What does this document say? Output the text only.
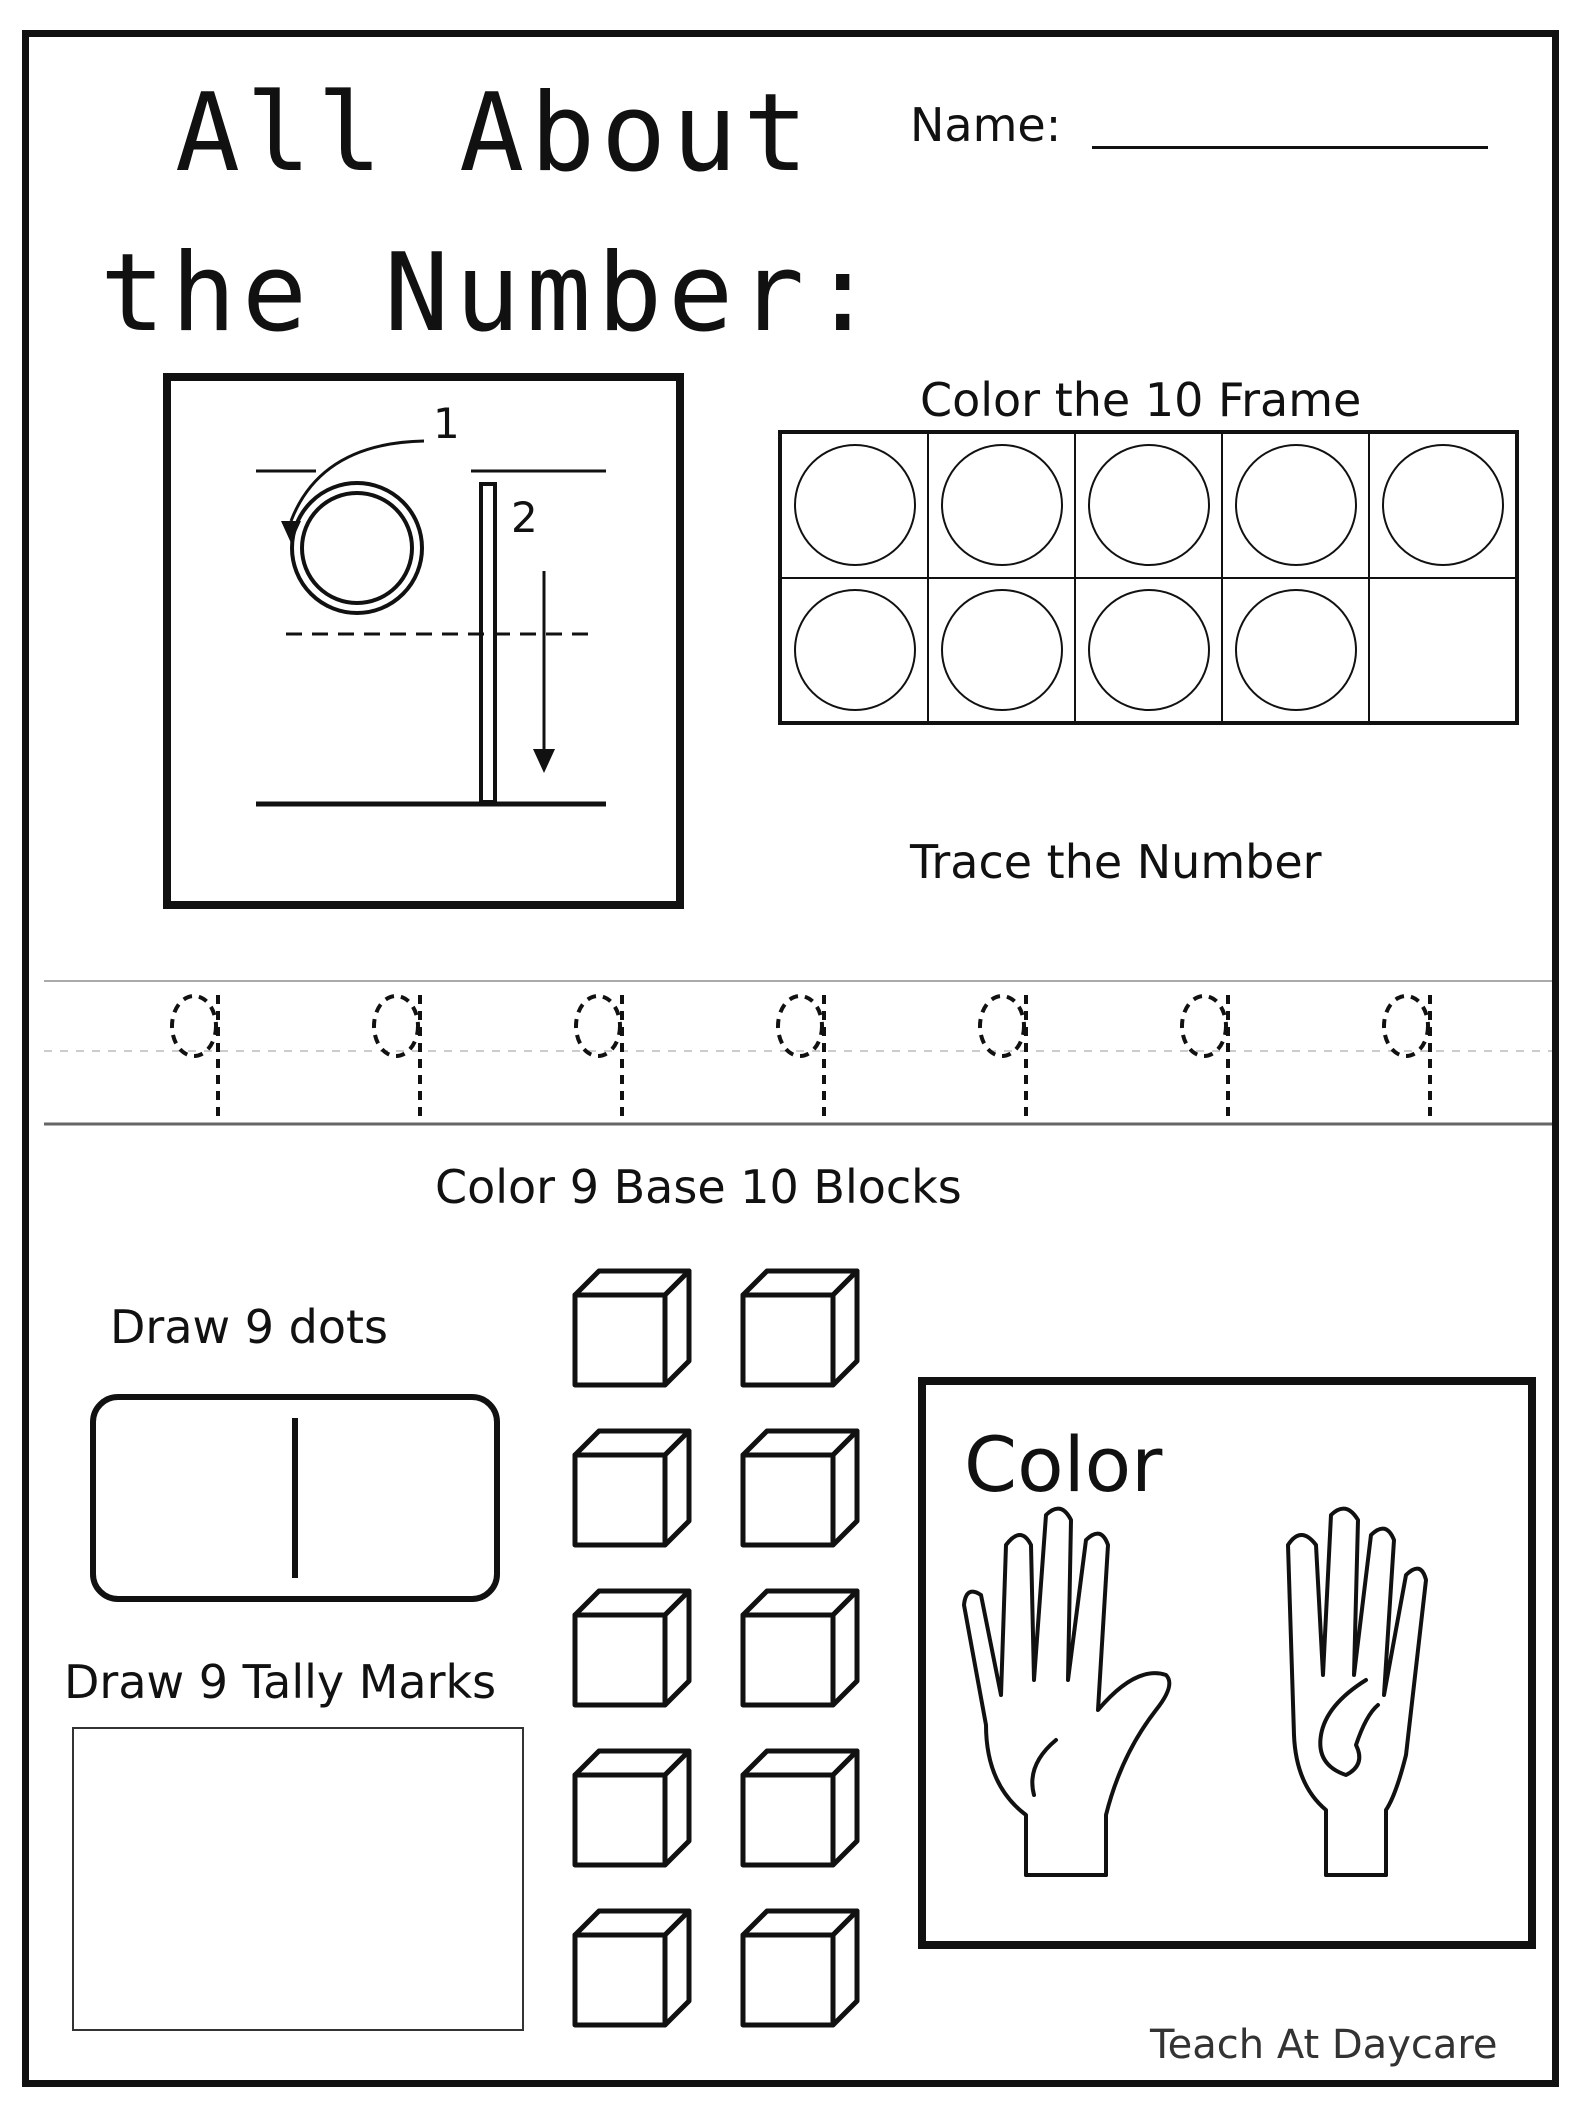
All About
the Number:
Name:
1
2
Color the 10 Frame
Trace the Number
Color 9 Base 10 Blocks
Draw 9 dots
Draw 9 Tally Marks
Color
Teach At Daycare
